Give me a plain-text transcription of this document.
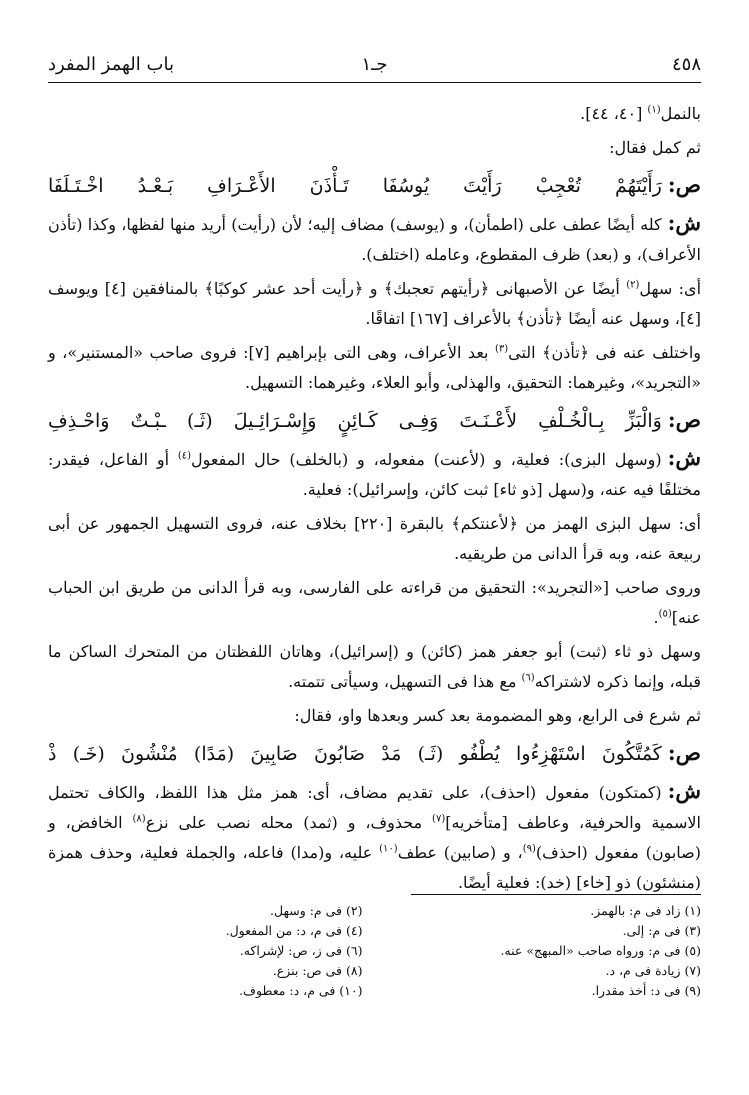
٤٥٨
جـ١
باب الهمز المفرد

بالنمل$^{(١)}$ [٤٠، ٤٤].

ثم كمل فقال:

ص:رَأَيْتَهُمْ تُعْجِبْ رَأَيْتَ يُوسُفَا تَـأْذَنَ الأَعْـرَافِ بَـعْـدُ اخْـتَـلَفَا

ش:كله أيضًا عطف على (اطمأن)، و (يوسف) مضاف إليه؛ لأن (رأيت) أريد منها لفظها، وكذا (تأذن الأعراف)، و (بعد) ظرف المقطوع، وعامله (اختلف).

أى: سهل$^{(٢)}$ أيضًا عن الأصبهانى ﴿رأيتهم تعجبك﴾ و ﴿رأيت أحد عشر كوكبًا﴾ بالمنافقين [٤] ويوسف [٤]، وسهل عنه أيضًا ﴿تأذن﴾ بالأعراف [١٦٧] اتفاقًا.

واختلف عنه فى ﴿تأذن﴾ التى$^{(٣)}$ بعد الأعراف، وهى التى بإبراهيم [٧]: فروى صاحب «المستنير»، و «التجريد»، وغيرهما: التحقيق، والهذلى، وأبو العلاء، وغيرهما: التسهيل.

ص:وَالْبَزِّ بِـالْخُـلْفِ لأَعْـنَـتَ وَفِـى كَـائِنٍ وَإِسْـرَائِـيلَ (ثَـ) ـبْـتٌ وَاحْـذِفِ

ش:(وسهل البزى): فعلية، و (لأعنت) مفعوله، و (بالخلف) حال المفعول$^{(٤)}$ أو الفاعل، فيقدر: مختلفًا فيه عنه، و(سهل [ذو ثاء] ثبت كائن، وإسرائيل): فعلية.

أى: سهل البزى الهمز من ﴿لأعنتكم﴾ بالبقرة [٢٢٠] بخلاف عنه، فروى التسهيل الجمهور عن أبى ربيعة عنه، وبه قرأ الدانى من طريقيه.

وروى صاحب [«التجريد»: التحقيق من قراءته على الفارسى، وبه قرأ الدانى من طريق ابن الحباب عنه]$^{(٥)}$.

وسهل ذو ثاء (ثبت) أبو جعفر همز (كائن) و (إسرائيل)، وهاتان اللفظتان من المتحرك الساكن ما قبله، وإنما ذكره لاشتراكه$^{(٦)}$ مع هذا فى التسهيل، وسيأتى تتمته.

ثم شرع فى الرابع، وهو المضمومة بعد كسر وبعدها واو، فقال:

ص:كَمُتَّكُونَ اسْتَهْزِءُوا يُطْفُو (ثَـ) مَدْ صَابُونَ صَابِينَ (مَدًا) مُنْشُونَ (خَـ) ذْ

ش:(كمتكون) مفعول (احذف)، على تقديم مضاف، أى: همز مثل هذا اللفظ، والكاف تحتمل الاسمية والحرفية، وعاطف [متأخريه]$^{(٧)}$ محذوف، و (ثمد) محله نصب على نزع$^{(٨)}$ الخافض، و (صابون) مفعول (احذف)$^{(٩)}$، و (صابين) عطف$^{(١٠)}$ عليه، و(مدا) فاعله، والجملة فعلية، وحذف همزة (منشئون) ذو [خاء] (خد): فعلية أيضًا.

(١) زاد فى م: بالهمز.
(٢) فى م: وسهل.
(٣) فى م: إلى.
(٤) فى م، د: من المفعول.
(٥) فى م: ورواه صاحب «المبهج» عنه.
(٦) فى ز، ص: لإشراكه.
(٧) زيادة فى م، د.
(٨) فى ص: بنزع.
(٩) فى د: أخذ مقدرا.
(١٠) فى م، د: معطوف.
